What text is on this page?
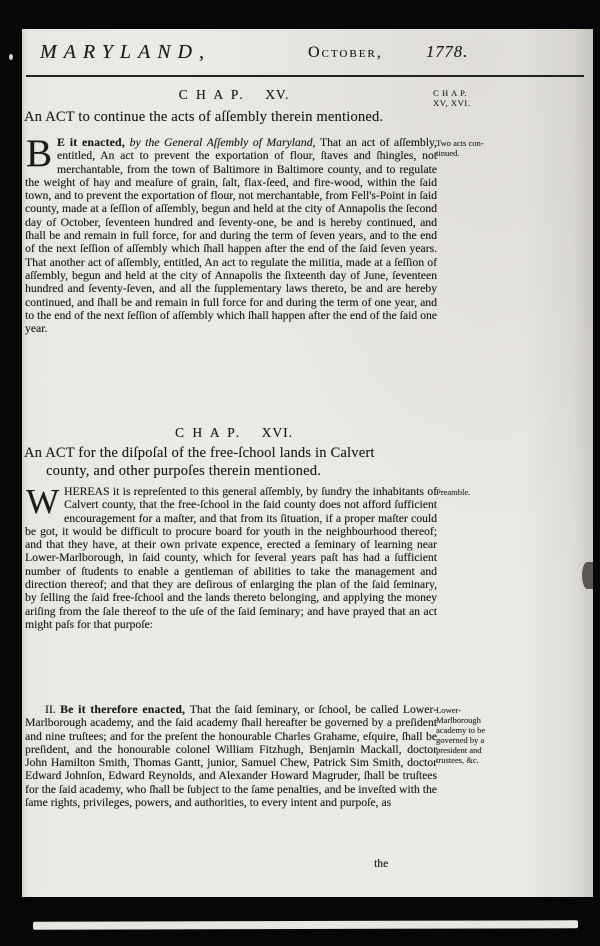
MARYLAND,	October,	1778.
C H A P. XV.	C H A P. XV, XVI.
An ACT to continue the acts of aſſembly therein mentioned.
B E it enacted, by the General Aſſembly of Maryland, That an act of aſſembly, entitled, An act to prevent the exportation of flour, ſtaves and ſhingles, not merchantable, from the town of Baltimore in Baltimore county, and to regulate the weight of hay and meaſure of grain, ſalt, flax-ſeed, and fire-wood, within the ſaid town, and to prevent the exportation of flour, not merchantable, from Fell's-Point in ſaid county, made at a ſeſſion of aſſembly, begun and held at the city of Annapolis the ſecond day of October, ſeventeen hundred and ſeventy-one, be and is hereby continued, and ſhall be and remain in full force, for and during the term of ſeven years, and to the end of the next ſeſſion of aſſembly which ſhall happen after the end of the ſaid ſeven years. That another act of aſſembly, entitled, An act to regulate the militia, made at a ſeſſion of aſſembly, begun and held at the city of Annapolis the ſixteenth day of June, ſeventeen hundred and ſeventy-ſeven, and all the ſupplementary laws thereto, be and are hereby continued, and ſhall be and remain in full force for and during the term of one year, and to the end of the next ſeſſion of aſſembly which ſhall happen after the end of the ſaid one year.
Two acts con- tinued.
C H A P. XVI.
An ACT for the diſpoſal of the free-ſchool lands in Calvert
county, and other purpoſes therein mentioned.
WHEREAS it is repreſented to this general aſſembly, by ſundry the inhabitants of Calvert county, that the free-ſchool in the ſaid county does not afford ſufficient encouragement for a maſter, and that from its ſituation, if a proper maſter could be got, it would be difficult to procure board for youth in the neighbourhood thereof; and that they have, at their own private expence, erected a ſeminary of learning near Lower-Marlborough, in ſaid county, which for ſeveral years paſt has had a ſufficient number of ſtudents to enable a gentleman of abilities to take the management and direction thereof; and that they are deſirous of enlarging the plan of the ſaid ſeminary, by ſelling the ſaid free-ſchool and the lands thereto belonging, and applying the money ariſing from the ſale thereof to the uſe of the ſaid ſeminary; and have prayed that an act might paſs for that purpoſe:
Preamble.
II. Be it therefore enacted, That the ſaid ſeminary, or ſchool, be called Lower-Marlborough academy, and the ſaid academy ſhall hereafter be governed by a preſident and nine truſtees; and for the preſent the honourable Charles Grahame, eſquire, ſhall be preſident, and the honourable colonel William Fitzhugh, Benjamin Mackall, doctor John Hamilton Smith, Thomas Gantt, junior, Samuel Chew, Patrick Sim Smith, doctor Edward Johnſon, Edward Reynolds, and Alexander Howard Magruder, ſhall be truſtees for the ſaid academy, who ſhall be ſubject to the ſame penalties, and be inveſted with the ſame rights, privileges, powers, and authorities, to every intent and purpoſe, as
Lower-Marlborough academy to be governed by a president and trustees, &c.
the
